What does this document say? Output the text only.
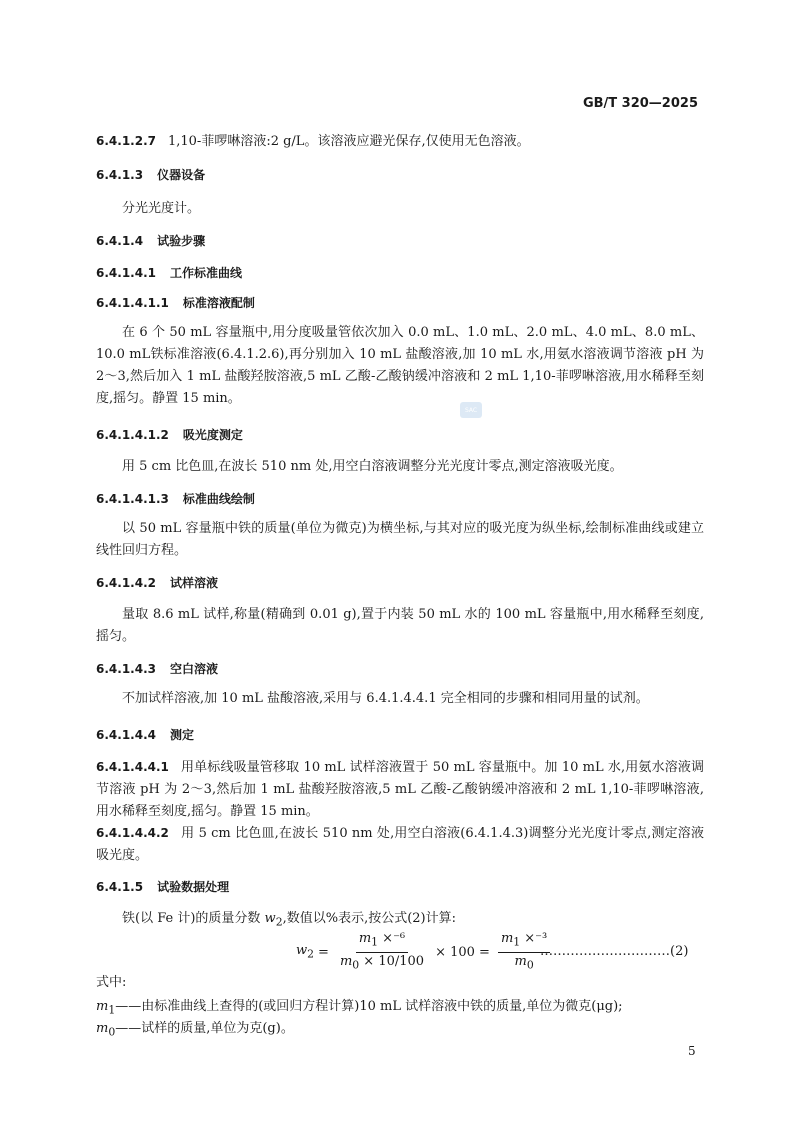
GB/T 320—2025
6.4.1.2.7 1,10-菲啰啉溶液:2 g/L。该溶液应避光保存,仅使用无色溶液。
6.4.1.3 仪器设备
分光光度计。
6.4.1.4 试验步骤
6.4.1.4.1 工作标准曲线
6.4.1.4.1.1 标准溶液配制
在 6 个 50 mL 容量瓶中,用分度吸量管依次加入 0.0 mL、1.0 mL、2.0 mL、4.0 mL、8.0 mL、10.0 mL铁标准溶液(6.4.1.2.6),再分别加入 10 mL 盐酸溶液,加 10 mL 水,用氨水溶液调节溶液 pH 为 2～3,然后加入 1 mL 盐酸羟胺溶液,5 mL 乙酸-乙酸钠缓冲溶液和 2 mL 1,10-菲啰啉溶液,用水稀释至刻度,摇匀。静置 15 min。
SAC
6.4.1.4.1.2 吸光度测定
用 5 cm 比色皿,在波长 510 nm 处,用空白溶液调整分光光度计零点,测定溶液吸光度。
6.4.1.4.1.3 标准曲线绘制
以 50 mL 容量瓶中铁的质量(单位为微克)为横坐标,与其对应的吸光度为纵坐标,绘制标准曲线或建立线性回归方程。
6.4.1.4.2 试样溶液
量取 8.6 mL 试样,称量(精确到 0.01 g),置于内装 50 mL 水的 100 mL 容量瓶中,用水稀释至刻度,摇匀。
6.4.1.4.3 空白溶液
不加试样溶液,加 10 mL 盐酸溶液,采用与 6.4.1.4.4.1 完全相同的步骤和相同用量的试剂。
6.4.1.4.4 测定
6.4.1.4.4.1 用单标线吸量管移取 10 mL 试样溶液置于 50 mL 容量瓶中。加 10 mL 水,用氨水溶液调节溶液 pH 为 2～3,然后加 1 mL 盐酸羟胺溶液,5 mL 乙酸-乙酸钠缓冲溶液和 2 mL 1,10-菲啰啉溶液,用水稀释至刻度,摇匀。静置 15 min。
6.4.1.4.4.2 用 5 cm 比色皿,在波长 510 nm 处,用空白溶液(6.4.1.4.3)调整分光光度计零点,测定溶液吸光度。
6.4.1.5 试验数据处理
铁(以 Fe 计)的质量分数 $w_2$,数值以%表示,按公式(2)计算:
$w_2 = \frac{m_1 \times^{-6}}{m_0 \times 10/100} \times 100 = \frac{m_1 \times^{-3}}{m_0}$
…………………………(2)
式中:
$m_1——$由标准曲线上查得的(或回归方程计算)10 mL 试样溶液中铁的质量,单位为微克(μg);
$m_0——$试样的质量,单位为克(g)。
5
